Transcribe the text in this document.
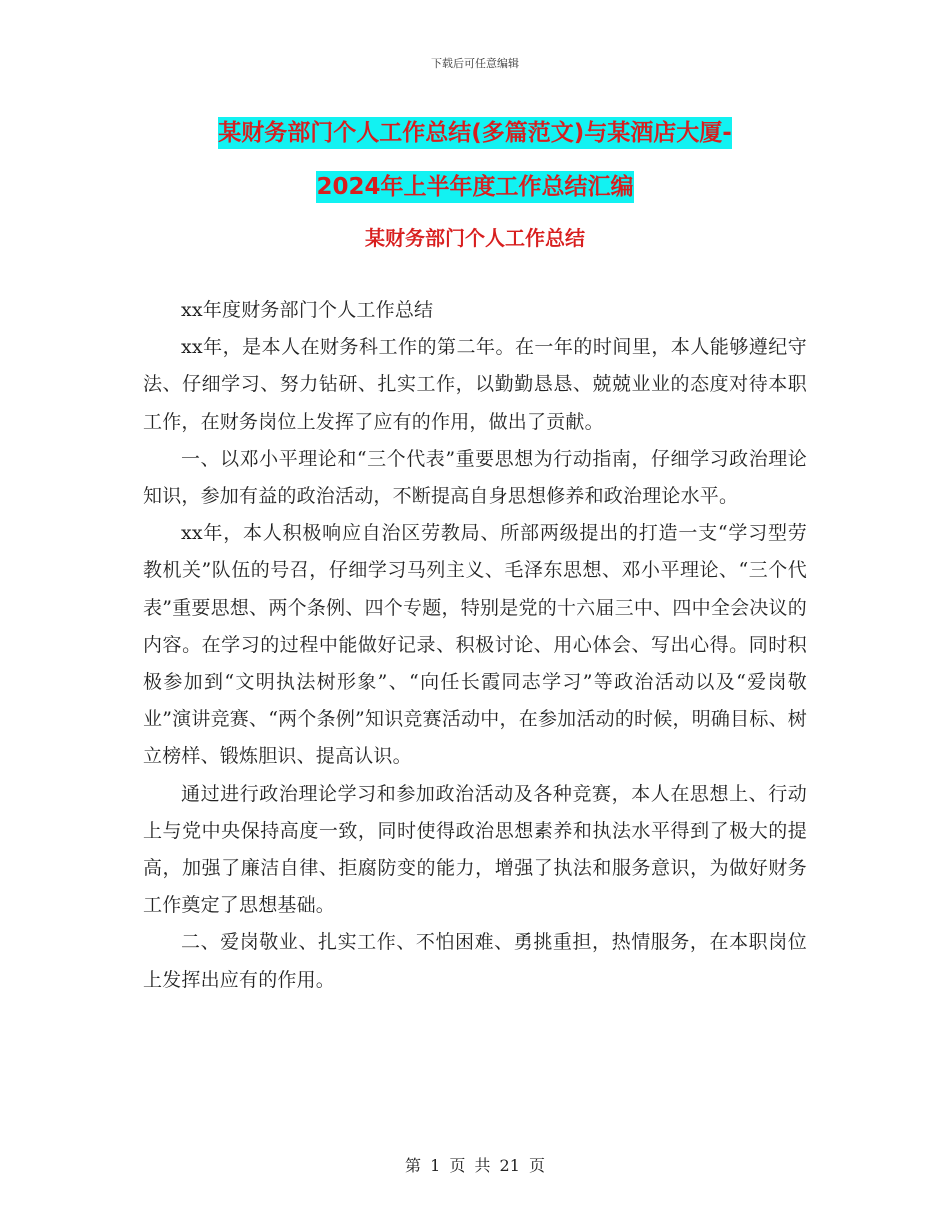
下载后可任意编辑
某财务部门个人工作总结(多篇范文)与某酒店大厦-
2024年上半年度工作总结汇编
某财务部门个人工作总结

xx年度财务部门个人工作总结

xx年，是本人在财务科工作的第二年。在一年的时间里，本人能够遵纪守法、仔细学习、努力钻研、扎实工作，以勤勤恳恳、兢兢业业的态度对待本职工作，在财务岗位上发挥了应有的作用，做出了贡献。

一、以邓小平理论和“三个代表”重要思想为行动指南，仔细学习政治理论知识，参加有益的政治活动，不断提高自身思想修养和政治理论水平。

xx年，本人积极响应自治区劳教局、所部两级提出的打造一支“学习型劳教机关”队伍的号召，仔细学习马列主义、毛泽东思想、邓小平理论、“三个代表”重要思想、两个条例、四个专题，特别是党的十六届三中、四中全会决议的内容。在学习的过程中能做好记录、积极讨论、用心体会、写出心得。同时积极参加到“文明执法树形象”、“向任长霞同志学习”等政治活动以及“爱岗敬业”演讲竞赛、“两个条例”知识竞赛活动中，在参加活动的时候，明确目标、树立榜样、锻炼胆识、提高认识。

通过进行政治理论学习和参加政治活动及各种竞赛，本人在思想上、行动上与党中央保持高度一致，同时使得政治思想素养和执法水平得到了极大的提高，加强了廉洁自律、拒腐防变的能力，增强了执法和服务意识，为做好财务工作奠定了思想基础。

二、爱岗敬业、扎实工作、不怕困难、勇挑重担，热情服务，在本职岗位上发挥出应有的作用。

第 1 页 共 21 页
